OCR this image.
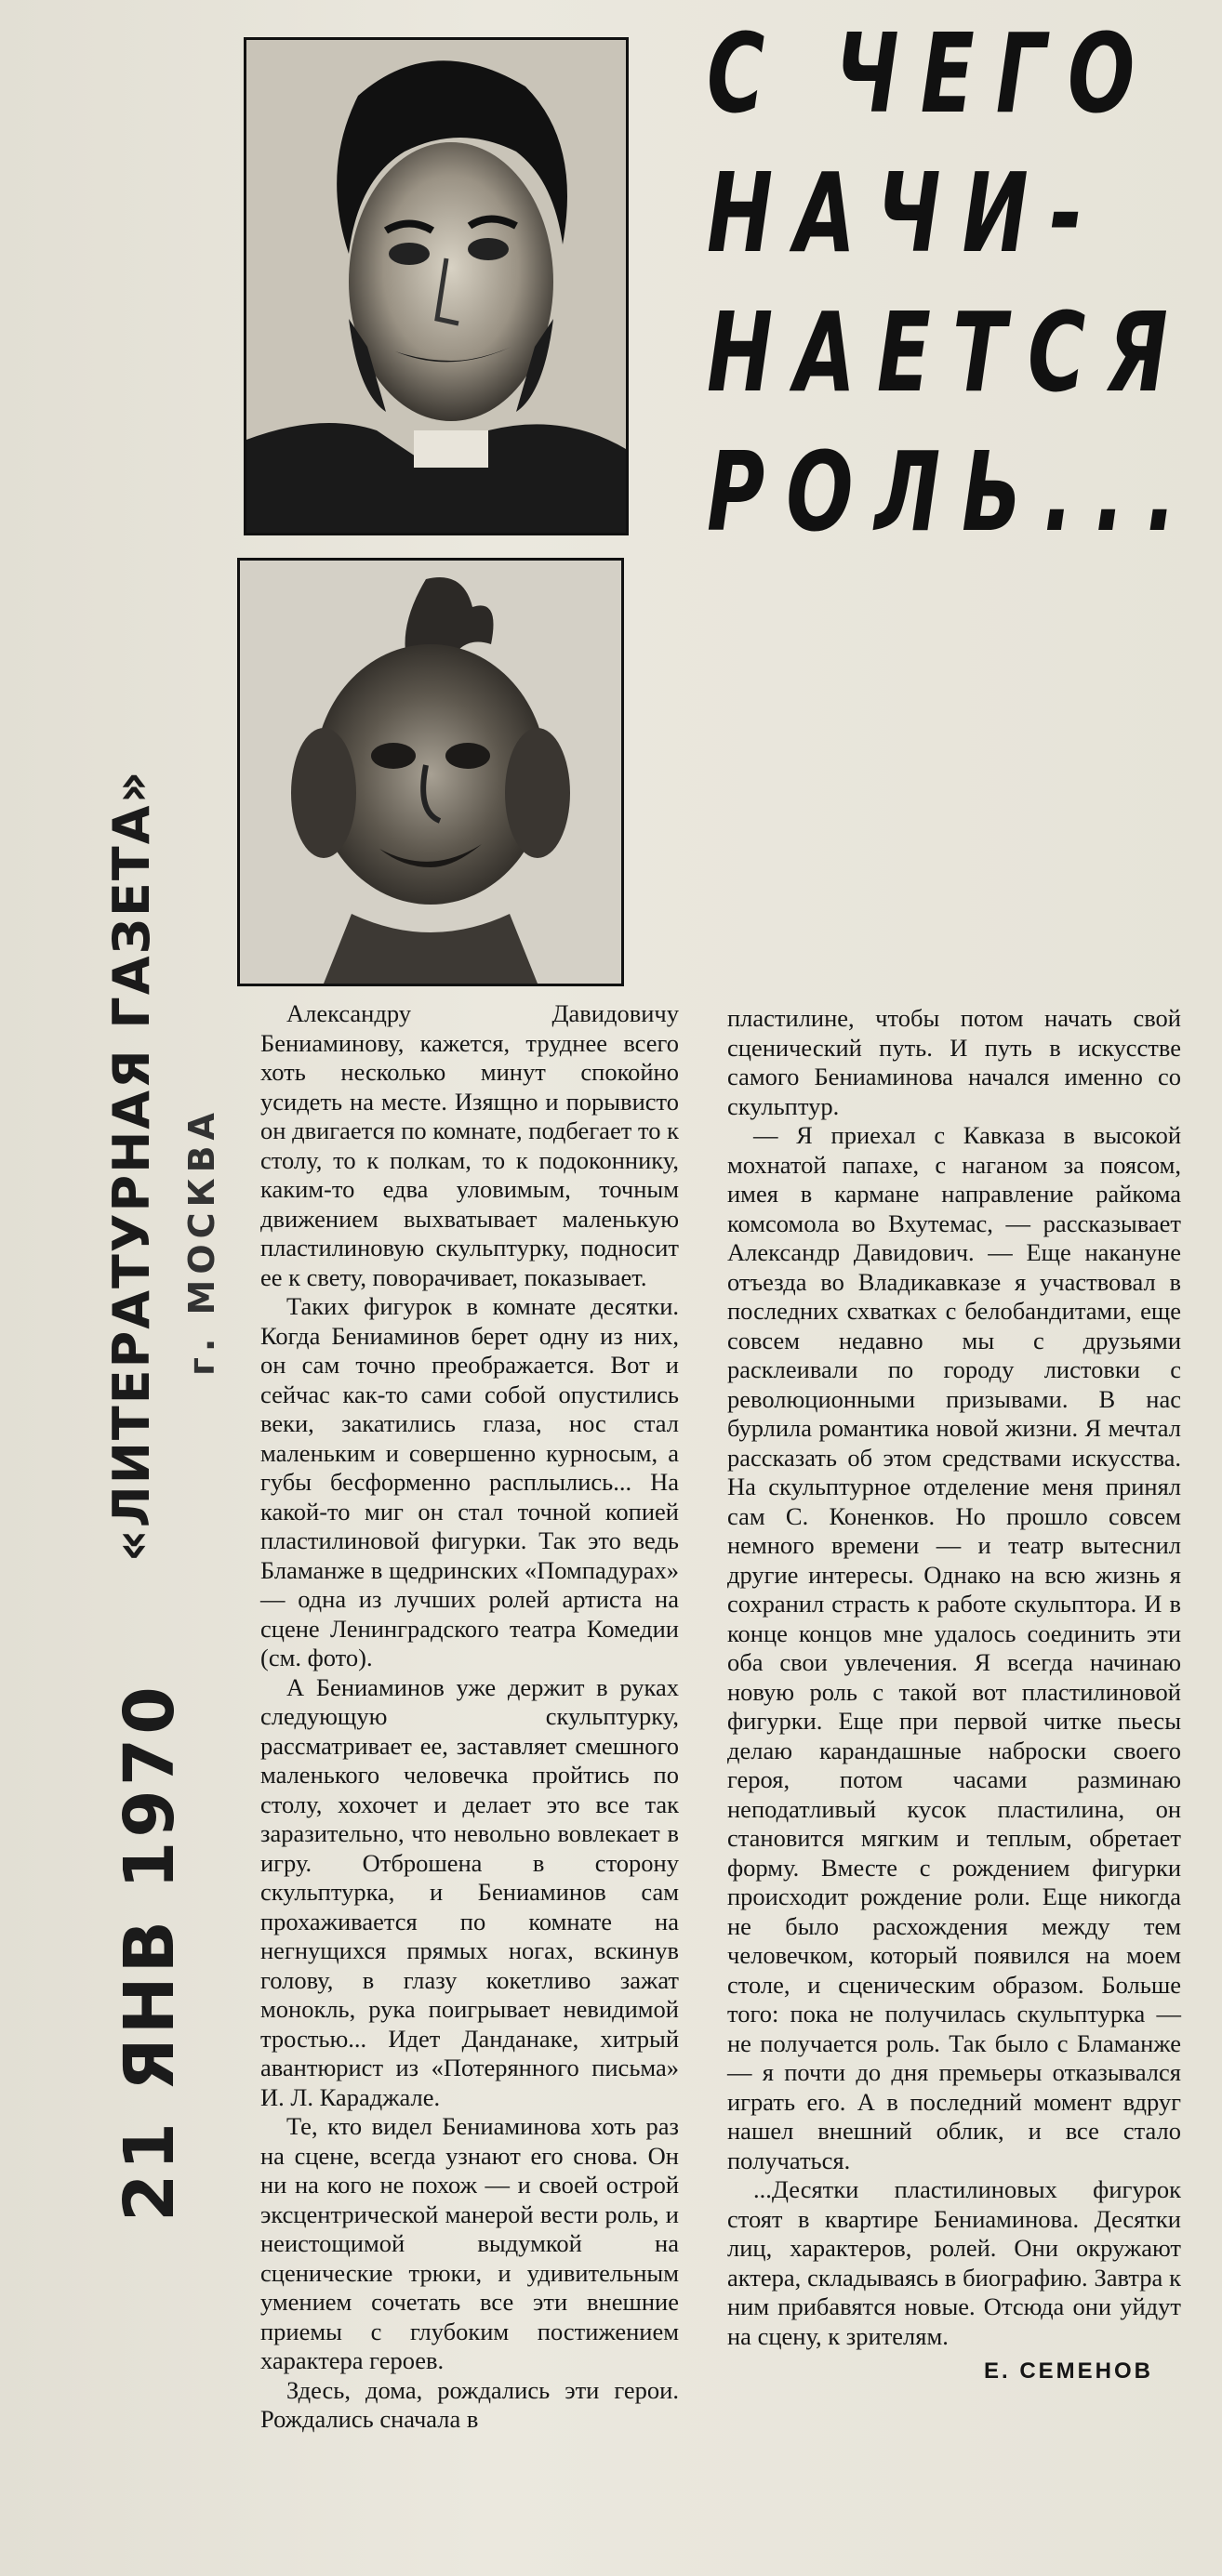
С ЧЕГО
НАЧИ-
НАЕТСЯ
РОЛЬ...
«ЛИТЕРАТУРНАЯ ГАЗЕТА» г. МОСКВА
21 ЯНВ 1970

Александру Давидовичу Бениаминову, кажется, труднее всего хоть несколько минут спокойно усидеть на месте. Изящно и порывисто он двигается по комнате, подбегает то к столу, то к полкам, то к подоконнику, каким-то едва уловимым, точным движением выхватывает маленькую пластилиновую скульптурку, подносит ее к свету, поворачивает, показывает.

Таких фигурок в комнате десятки. Когда Бениаминов берет одну из них, он сам точно преображается. Вот и сейчас как-то сами собой опустились веки, закатились глаза, нос стал маленьким и совершенно курносым, а губы бесформенно расплылись... На какой-то миг он стал точной копией пластилиновой фигурки. Так это ведь Бламанже в щедринских «Помпадурах» — одна из лучших ролей артиста на сцене Ленинградского театра Комедии (см. фото).

А Бениаминов уже держит в руках следующую скульптурку, рассматривает ее, заставляет смешного маленького человечка пройтись по столу, хохочет и делает это все так заразительно, что невольно вовлекает в игру. Отброшена в сторону скульптурка, и Бениаминов сам прохаживается по комнате на негнущихся прямых ногах, вскинув голову, в глазу кокетливо зажат монокль, рука поигрывает невидимой тростью... Идет Данданаке, хитрый авантюрист из «Потерянного письма» И. Л. Караджале.

Те, кто видел Бениаминова хоть раз на сцене, всегда узнают его снова. Он ни на кого не похож — и своей острой эксцентрической манерой вести роль, и неистощимой выдумкой на сценические трюки, и удивительным умением сочетать все эти внешние приемы с глубоким постижением характера героев.

Здесь, дома, рождались эти герои. Рождались сначала в

пластилине, чтобы потом начать свой сценический путь. И путь в искусстве самого Бениаминова начался именно со скульптур.

— Я приехал с Кавказа в высокой мохнатой папахе, с наганом за поясом, имея в кармане направление райкома комсомола во Вхутемас, — рассказывает Александр Давидович. — Еще накануне отъезда во Владикавказе я участвовал в последних схватках с белобандитами, еще совсем недавно мы с друзьями расклеивали по городу листовки с революционными призывами. В нас бурлила романтика новой жизни. Я мечтал рассказать об этом средствами искусства. На скульптурное отделение меня принял сам С. Коненков. Но прошло совсем немного времени — и театр вытеснил другие интересы. Однако на всю жизнь я сохранил страсть к работе скульптора. И в конце концов мне удалось соединить эти оба свои увлечения. Я всегда начинаю новую роль с такой вот пластилиновой фигурки. Еще при первой читке пьесы делаю карандашные наброски своего героя, потом часами разминаю неподатливый кусок пластилина, он становится мягким и теплым, обретает форму. Вместе с рождением фигурки происходит рождение роли. Еще никогда не было расхождения между тем человечком, который появился на моем столе, и сценическим образом. Больше того: пока не получилась скульптурка — не получается роль. Так было с Бламанже — я почти до дня премьеры отказывался играть его. А в последний момент вдруг нашел внешний облик, и все стало получаться.

...Десятки пластилиновых фигурок стоят в квартире Бениаминова. Десятки лиц, характеров, ролей. Они окружают актера, складываясь в биографию. Завтра к ним прибавятся новые. Отсюда они уйдут на сцену, к зрителям.

Е. СЕМЕНОВ
